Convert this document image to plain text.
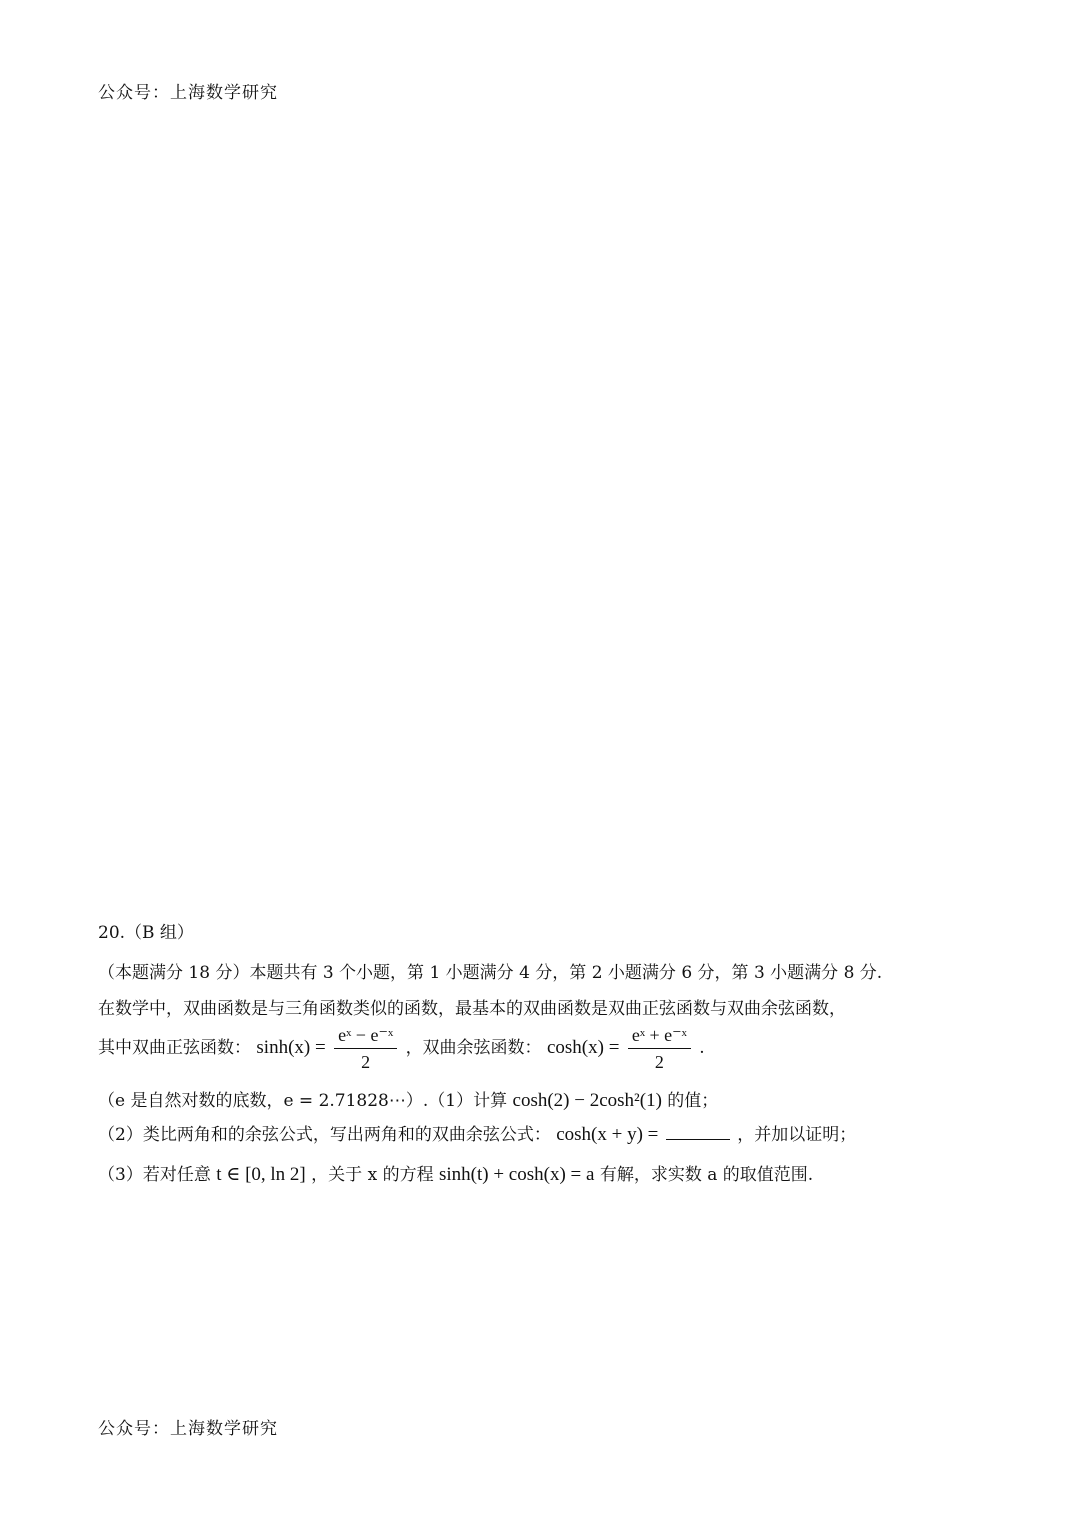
公众号：上海数学研究
20.（B 组）
（本题满分 18 分）本题共有 3 个小题，第 1 小题满分 4 分，第 2 小题满分 6 分，第 3 小题满分 8 分.
在数学中，双曲函数是与三角函数类似的函数，最基本的双曲函数是双曲正弦函数与双曲余弦函数，
其中双曲正弦函数： $\sinh(x) = \frac{\text{eˣ − e⁻ˣ}}{2}$ ，双曲余弦函数： $\cosh(x) = \frac{\text{eˣ + e⁻ˣ}}{2}$ .
（e 是自然对数的底数，e = 2.71828⋯）.（1）计算 cosh(2) − 2cosh²(1) 的值；
（2）类比两角和的余弦公式，写出两角和的双曲余弦公式： cosh(x + y) =	，并加以证明；
（3）若对任意 t ∈ [0, ln 2] ，关于 x 的方程 sinh(t) + cosh(x) = a 有解，求实数 a 的取值范围.
公众号：上海数学研究
